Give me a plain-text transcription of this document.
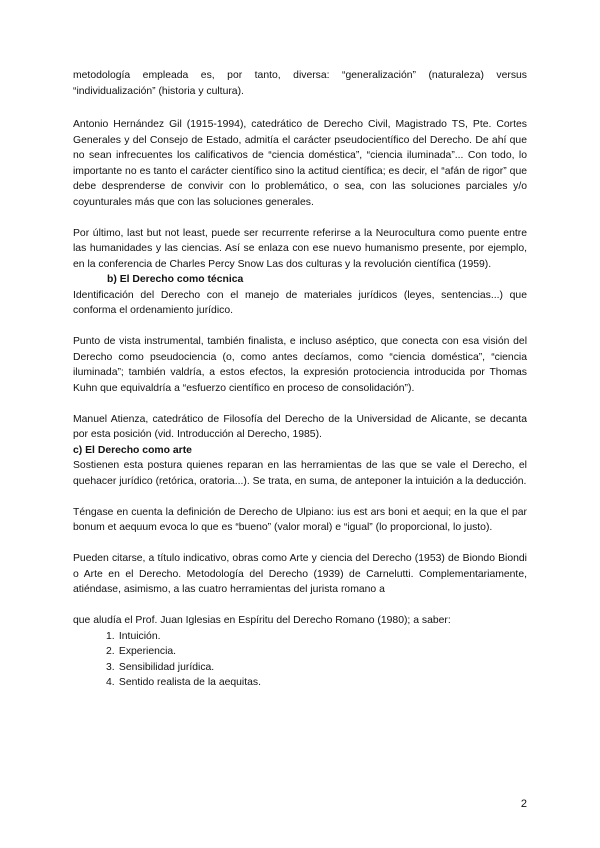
metodología empleada es, por tanto, diversa: “generalización” (naturaleza) versus “individualización” (historia y cultura).

Antonio Hernández Gil (1915-1994), catedrático de Derecho Civil, Magistrado TS, Pte. Cortes Generales y del Consejo de Estado, admitía el carácter pseudocientífico del Derecho. De ahí que no sean infrecuentes los calificativos de “ciencia doméstica”, “ciencia iluminada”... Con todo, lo importante no es tanto el carácter científico sino la actitud científica; es decir, el “afán de rigor” que debe desprenderse de convivir con lo problemático, o sea, con las soluciones parciales y/o coyunturales más que con las soluciones generales.

Por último, last but not least, puede ser recurrente referirse a la Neurocultura como puente entre las humanidades y las ciencias. Así se enlaza con ese nuevo humanismo presente, por ejemplo, en la conferencia de Charles Percy Snow Las dos culturas y la revolución científica (1959).

b) El Derecho como técnica

Identificación del Derecho con el manejo de materiales jurídicos (leyes, sentencias...) que conforma el ordenamiento jurídico.

Punto de vista instrumental, también finalista, e incluso aséptico, que conecta con esa visión del Derecho como pseudociencia (o, como antes decíamos, como “ciencia doméstica”, “ciencia iluminada”; también valdría, a estos efectos, la expresión protociencia introducida por Thomas Kuhn que equivaldría a “esfuerzo científico en proceso de consolidación”).

Manuel Atienza, catedrático de Filosofía del Derecho de la Universidad de Alicante, se decanta por esta posición (vid. Introducción al Derecho, 1985).

c) El Derecho como arte

Sostienen esta postura quienes reparan en las herramientas de las que se vale el Derecho, el quehacer jurídico (retórica, oratoria...). Se trata, en suma, de anteponer la intuición a la deducción.

Téngase en cuenta la definición de Derecho de Ulpiano: ius est ars boni et aequi; en la que el par bonum et aequum evoca lo que es “bueno” (valor moral) e “igual” (lo proporcional, lo justo).

Pueden citarse, a título indicativo, obras como Arte y ciencia del Derecho (1953) de Biondo Biondi o Arte en el Derecho. Metodología del Derecho (1939) de Carnelutti. Complementariamente, atiéndase, asimismo, a las cuatro herramientas del jurista romano a

que aludía el Prof. Juan Iglesias en Espíritu del Derecho Romano (1980); a saber:

1. Intuición.
2. Experiencia.
3. Sensibilidad jurídica.
4. Sentido realista de la aequitas.
2
